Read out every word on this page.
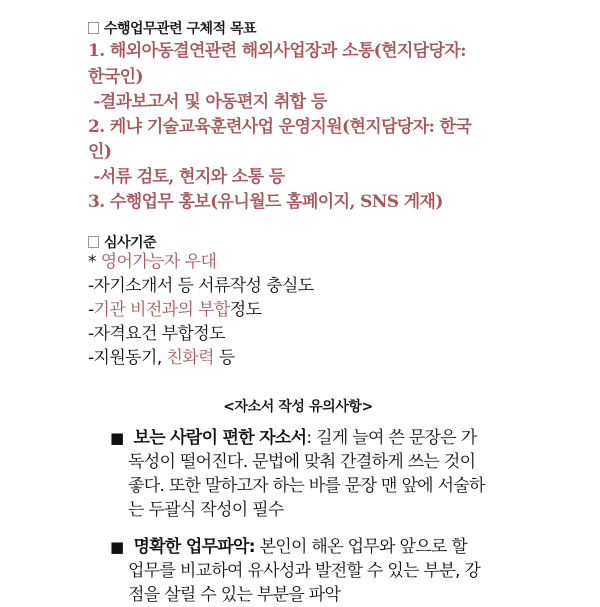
수행업무관련 구체적 목표
1. 해외아동결연관련 해외사업장과 소통(현지담당자:
한국인)
-결과보고서 및 아동편지 취합 등
2. 케냐 기술교육훈련사업 운영지원(현지담당자: 한국
인)
-서류 검토, 현지와 소통 등
3. 수행업무 홍보(유니월드 홈페이지, SNS 게재)
심사기준
* 영어가능자 우대
-자기소개서 등 서류작성 충실도
-기관 비전과의 부합정도
-자격요건 부합정도
-지원동기, 친화력 등
<자소서 작성 유의사항>
■ 보는 사람이 편한 자소서: 길게 늘여 쓴 문장은 가
독성이 떨어진다. 문법에 맞춰 간결하게 쓰는 것이
좋다. 또한 말하고자 하는 바를 문장 맨 앞에 서술하
는 두괄식 작성이 필수
■ 명확한 업무파악: 본인이 해온 업무와 앞으로 할
업무를 비교하여 유사성과 발전할 수 있는 부분, 강
점을 살릴 수 있는 부분을 파악
